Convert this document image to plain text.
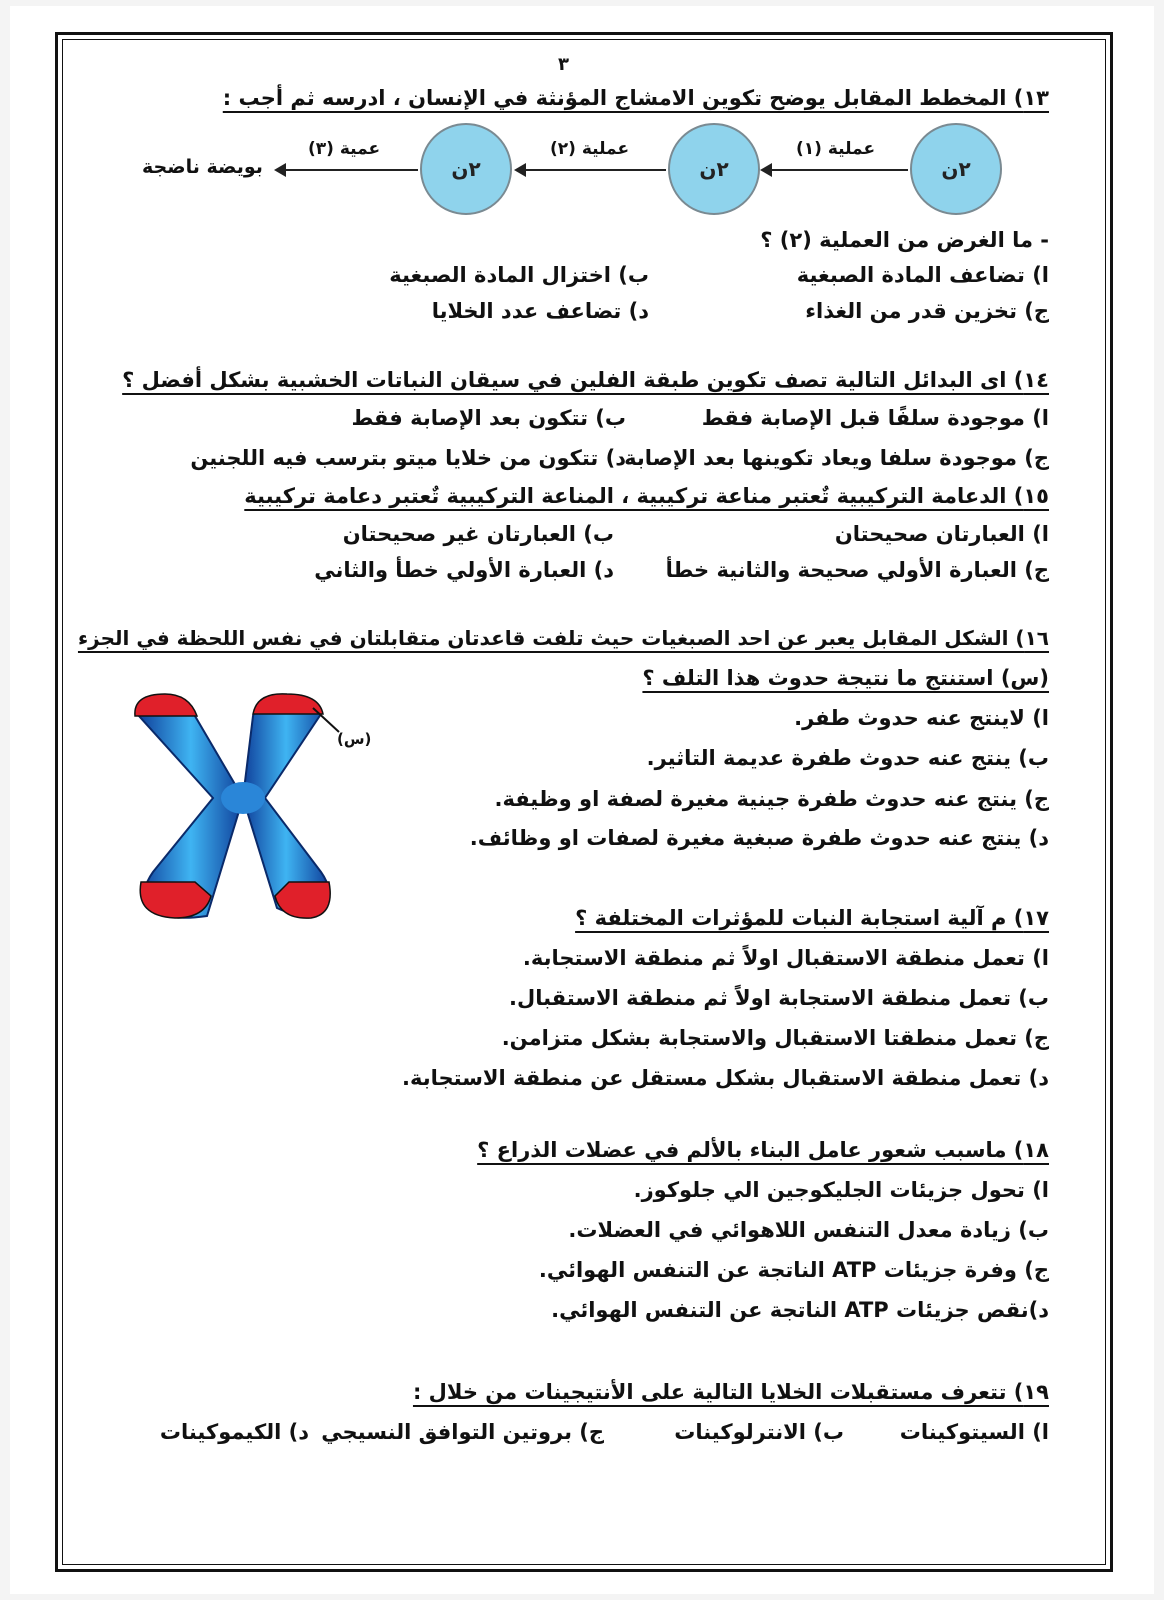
٣
١٣) المخطط المقابل يوضح تكوين الامشاج المؤنثة في الإنسان ، ادرسه ثم أجب :
٢ن
عملية (١)
٢ن
عملية (٢)
٢ن
عمية (٣)
بويضة ناضجة
- ما الغرض من العملية (٢) ؟
ا) تضاعف المادة الصبغية
ب) اختزال المادة الصبغية
ج) تخزين قدر من الغذاء
د) تضاعف عدد الخلايا
١٤) اى البدائل التالية تصف تكوين طبقة الفلين في سيقان النباتات الخشبية بشكل أفضل ؟
ا) موجودة سلفًا قبل الإصابة فقط
ب) تتكون بعد الإصابة فقط
ج) موجودة سلفا ويعاد تكوينها بعد الإصابة
د) تتكون من خلايا ميتو بترسب فيه اللجنين
١٥) الدعامة التركيبية تٌعتبر مناعة تركيبية ، المناعة التركيبية تٌعتبر دعامة تركيبية
ا) العبارتان صحيحتان
ب) العبارتان غير صحيحتان
ج) العبارة الأولي صحيحة والثانية خطأ
د) العبارة الأولي خطأ والثاني
١٦) الشكل المقابل يعبر عن احد الصبغيات حيث تلفت قاعدتان متقابلتان في نفس اللحظة في الجزء
(س) استنتج ما نتيجة حدوث هذا التلف ؟
(س)
ا) لاينتج عنه حدوث طفر.
ب) ينتج عنه حدوث طفرة عديمة التاثير.
ج) ينتج عنه حدوث طفرة جينية مغيرة لصفة او وظيفة.
د) ينتج عنه حدوث طفرة صبغية مغيرة لصفات او وظائف.
١٧) م آلية استجابة النبات للمؤثرات المختلفة ؟
ا) تعمل منطقة الاستقبال اولاً ثم منطقة الاستجابة.
ب) تعمل منطقة الاستجابة اولاً ثم منطقة الاستقبال.
ج) تعمل منطقتا الاستقبال والاستجابة بشكل متزامن.
د) تعمل منطقة الاستقبال بشكل مستقل عن منطقة الاستجابة.
١٨) ماسبب شعور عامل البناء بالألم في عضلات الذراع ؟
ا) تحول جزيئات الجليكوجين الي جلوكوز.
ب) زيادة معدل التنفس اللاهوائي في العضلات.
ج) وفرة جزيئات ATP الناتجة عن التنفس الهوائي.
د)نقص جزيئات ATP الناتجة عن التنفس الهوائي.
١٩) تتعرف مستقبلات الخلايا التالية على الأنتيجينات من خلال :
ا) السيتوكينات
ب) الانترلوكينات
ج) بروتين التوافق النسيجي
د) الكيموكينات
